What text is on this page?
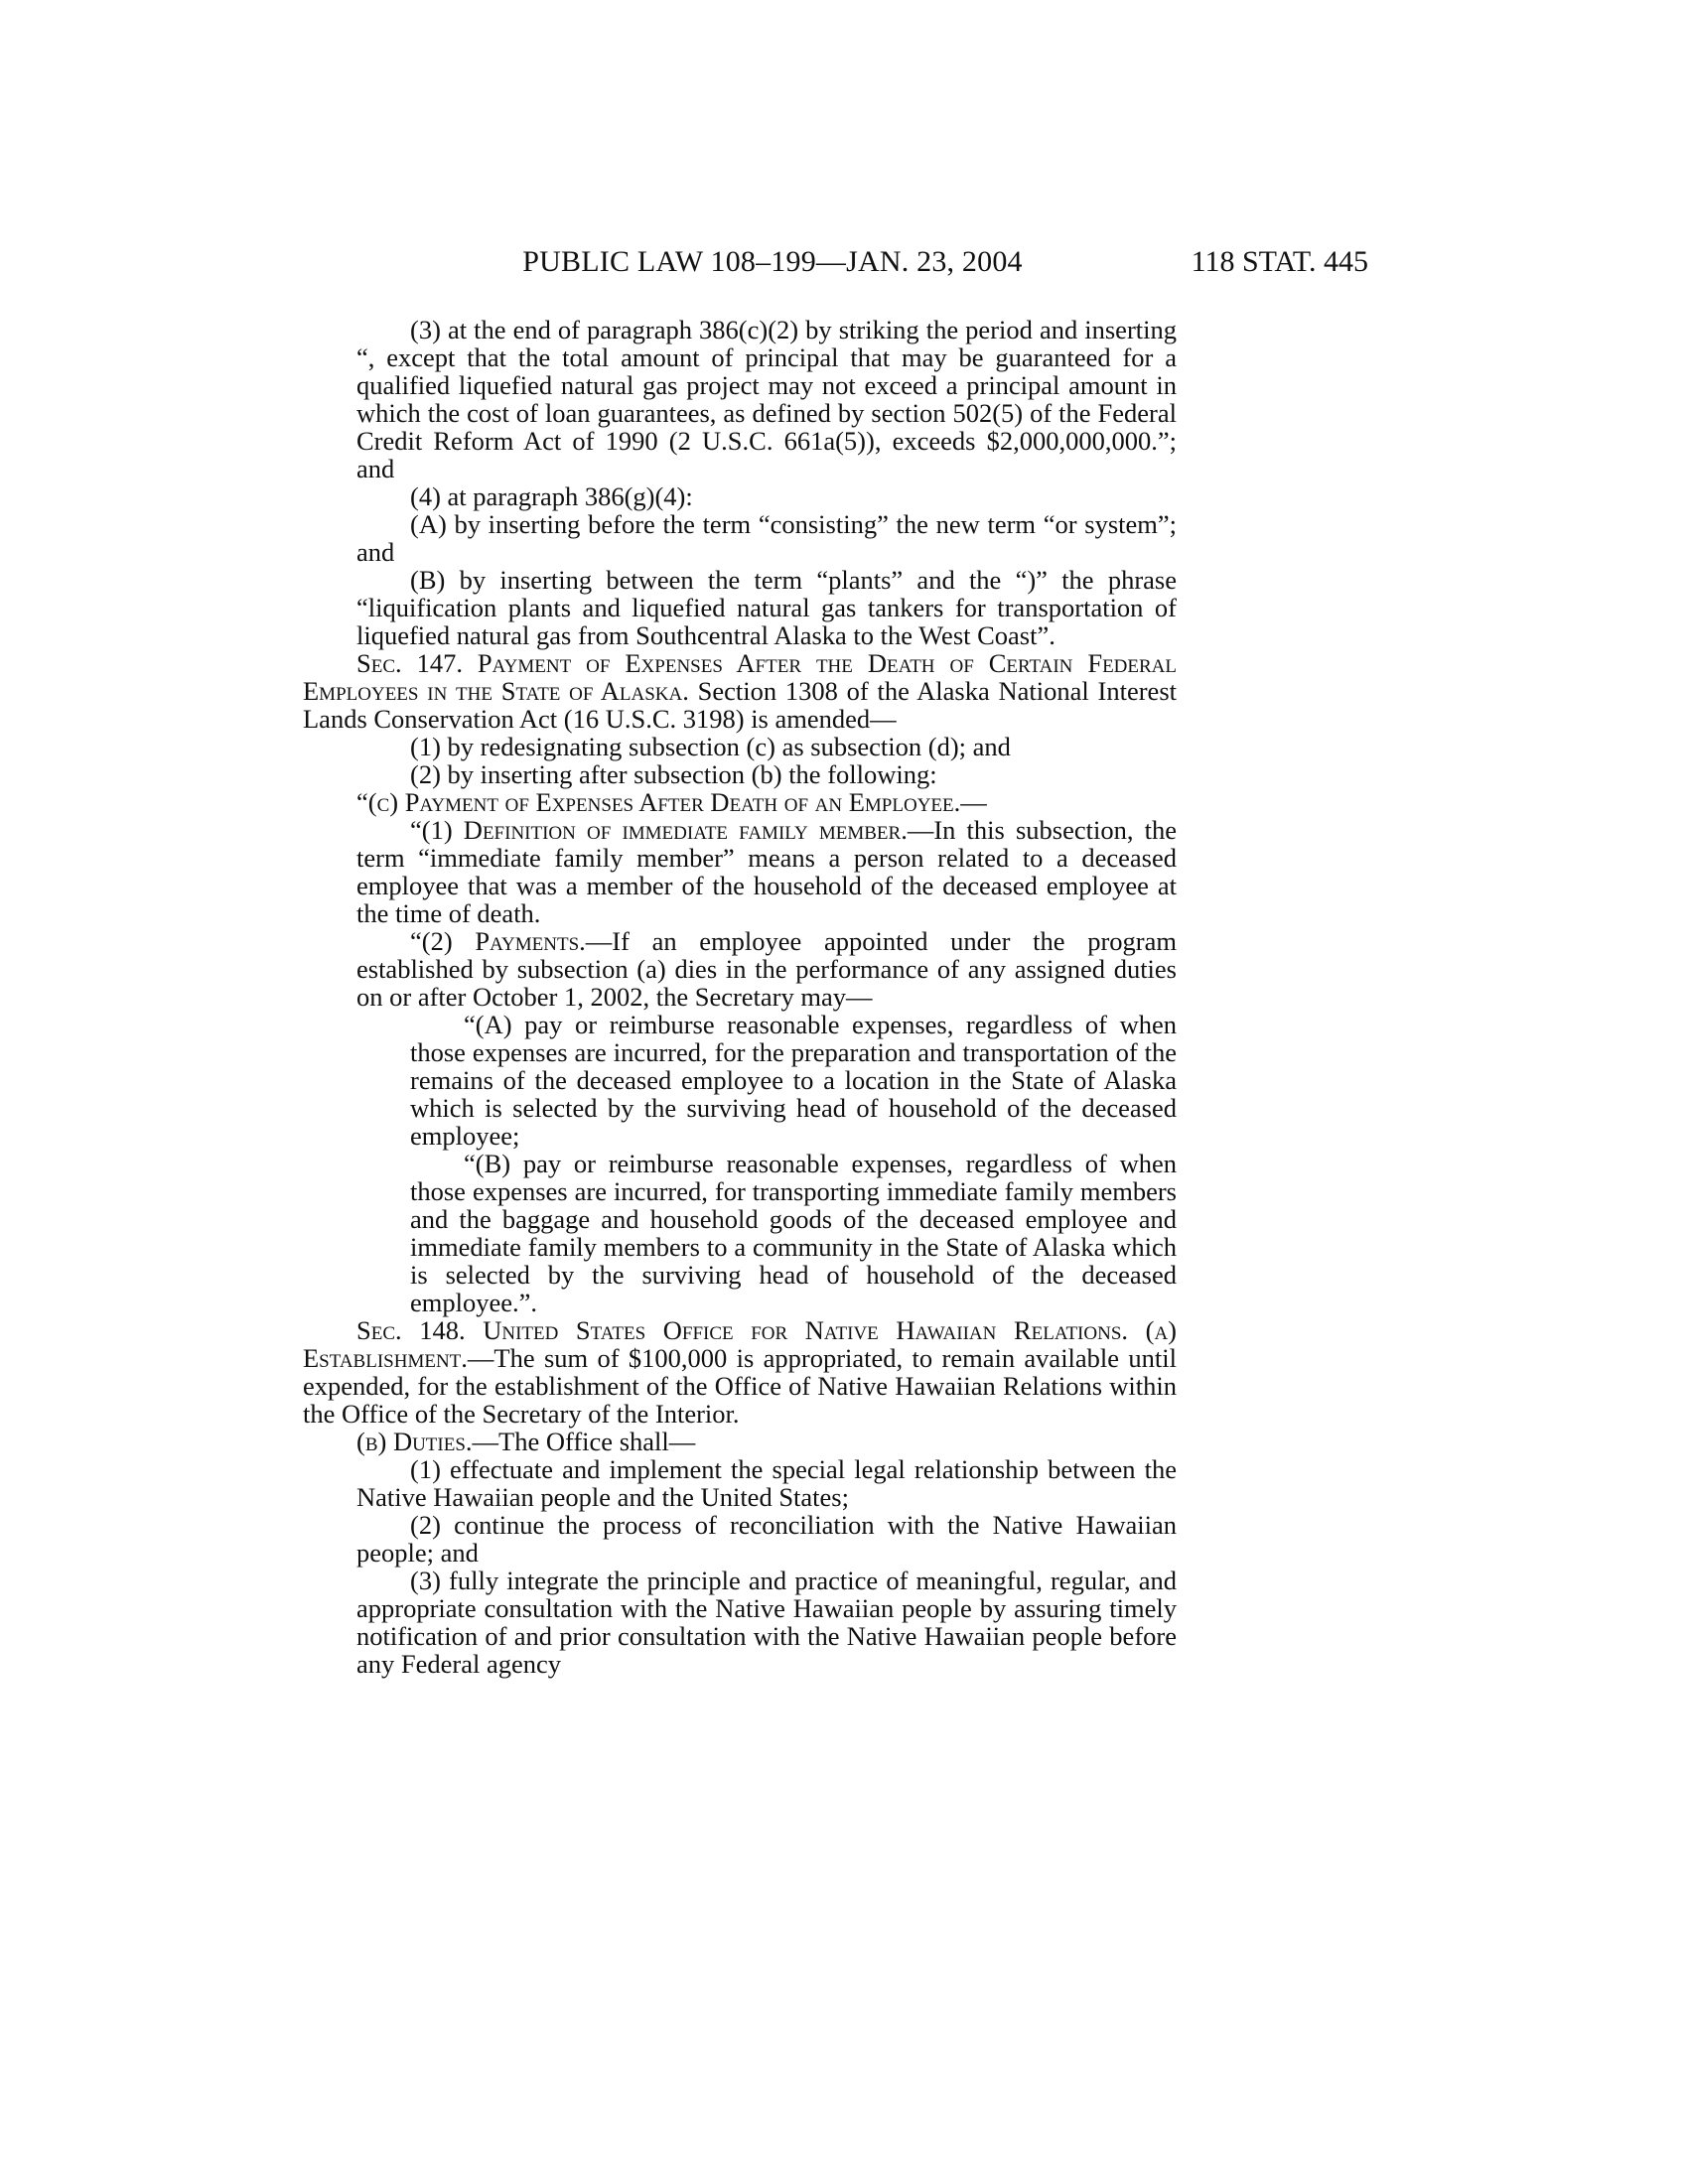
PUBLIC LAW 108–199—JAN. 23, 2004	118 STAT. 445

(3) at the end of paragraph 386(c)(2) by striking the period and inserting “, except that the total amount of principal that may be guaranteed for a qualified liquefied natural gas project may not exceed a principal amount in which the cost of loan guarantees, as defined by section 502(5) of the Federal Credit Reform Act of 1990 (2 U.S.C. 661a(5)), exceeds $2,000,000,000.”; and

(4) at paragraph 386(g)(4):

(A) by inserting before the term “consisting” the new term “or system”; and

(B) by inserting between the term “plants” and the “)” the phrase “liquification plants and liquefied natural gas tankers for transportation of liquefied natural gas from Southcentral Alaska to the West Coast”.

Sec. 147. Payment of Expenses After the Death of Certain Federal Employees in the State of Alaska. Section 1308 of the Alaska National Interest Lands Conservation Act (16 U.S.C. 3198) is amended—

(1) by redesignating subsection (c) as subsection (d); and

(2) by inserting after subsection (b) the following:

“(c) Payment of Expenses After Death of an Employee.—

“(1) Definition of immediate family member.—In this subsection, the term “immediate family member” means a person related to a deceased employee that was a member of the household of the deceased employee at the time of death.

“(2) Payments.—If an employee appointed under the program established by subsection (a) dies in the performance of any assigned duties on or after October 1, 2002, the Secretary may—

“(A) pay or reimburse reasonable expenses, regardless of when those expenses are incurred, for the preparation and transportation of the remains of the deceased employee to a location in the State of Alaska which is selected by the surviving head of household of the deceased employee;

“(B) pay or reimburse reasonable expenses, regardless of when those expenses are incurred, for transporting immediate family members and the baggage and household goods of the deceased employee and immediate family members to a community in the State of Alaska which is selected by the surviving head of household of the deceased employee.”.

Sec. 148. United States Office for Native Hawaiian Relations. (a) Establishment.—The sum of $100,000 is appropriated, to remain available until expended, for the establishment of the Office of Native Hawaiian Relations within the Office of the Secretary of the Interior.

(b) Duties.—The Office shall—

(1) effectuate and implement the special legal relationship between the Native Hawaiian people and the United States;

(2) continue the process of reconciliation with the Native Hawaiian people; and

(3) fully integrate the principle and practice of meaningful, regular, and appropriate consultation with the Native Hawaiian people by assuring timely notification of and prior consultation with the Native Hawaiian people before any Federal agency
